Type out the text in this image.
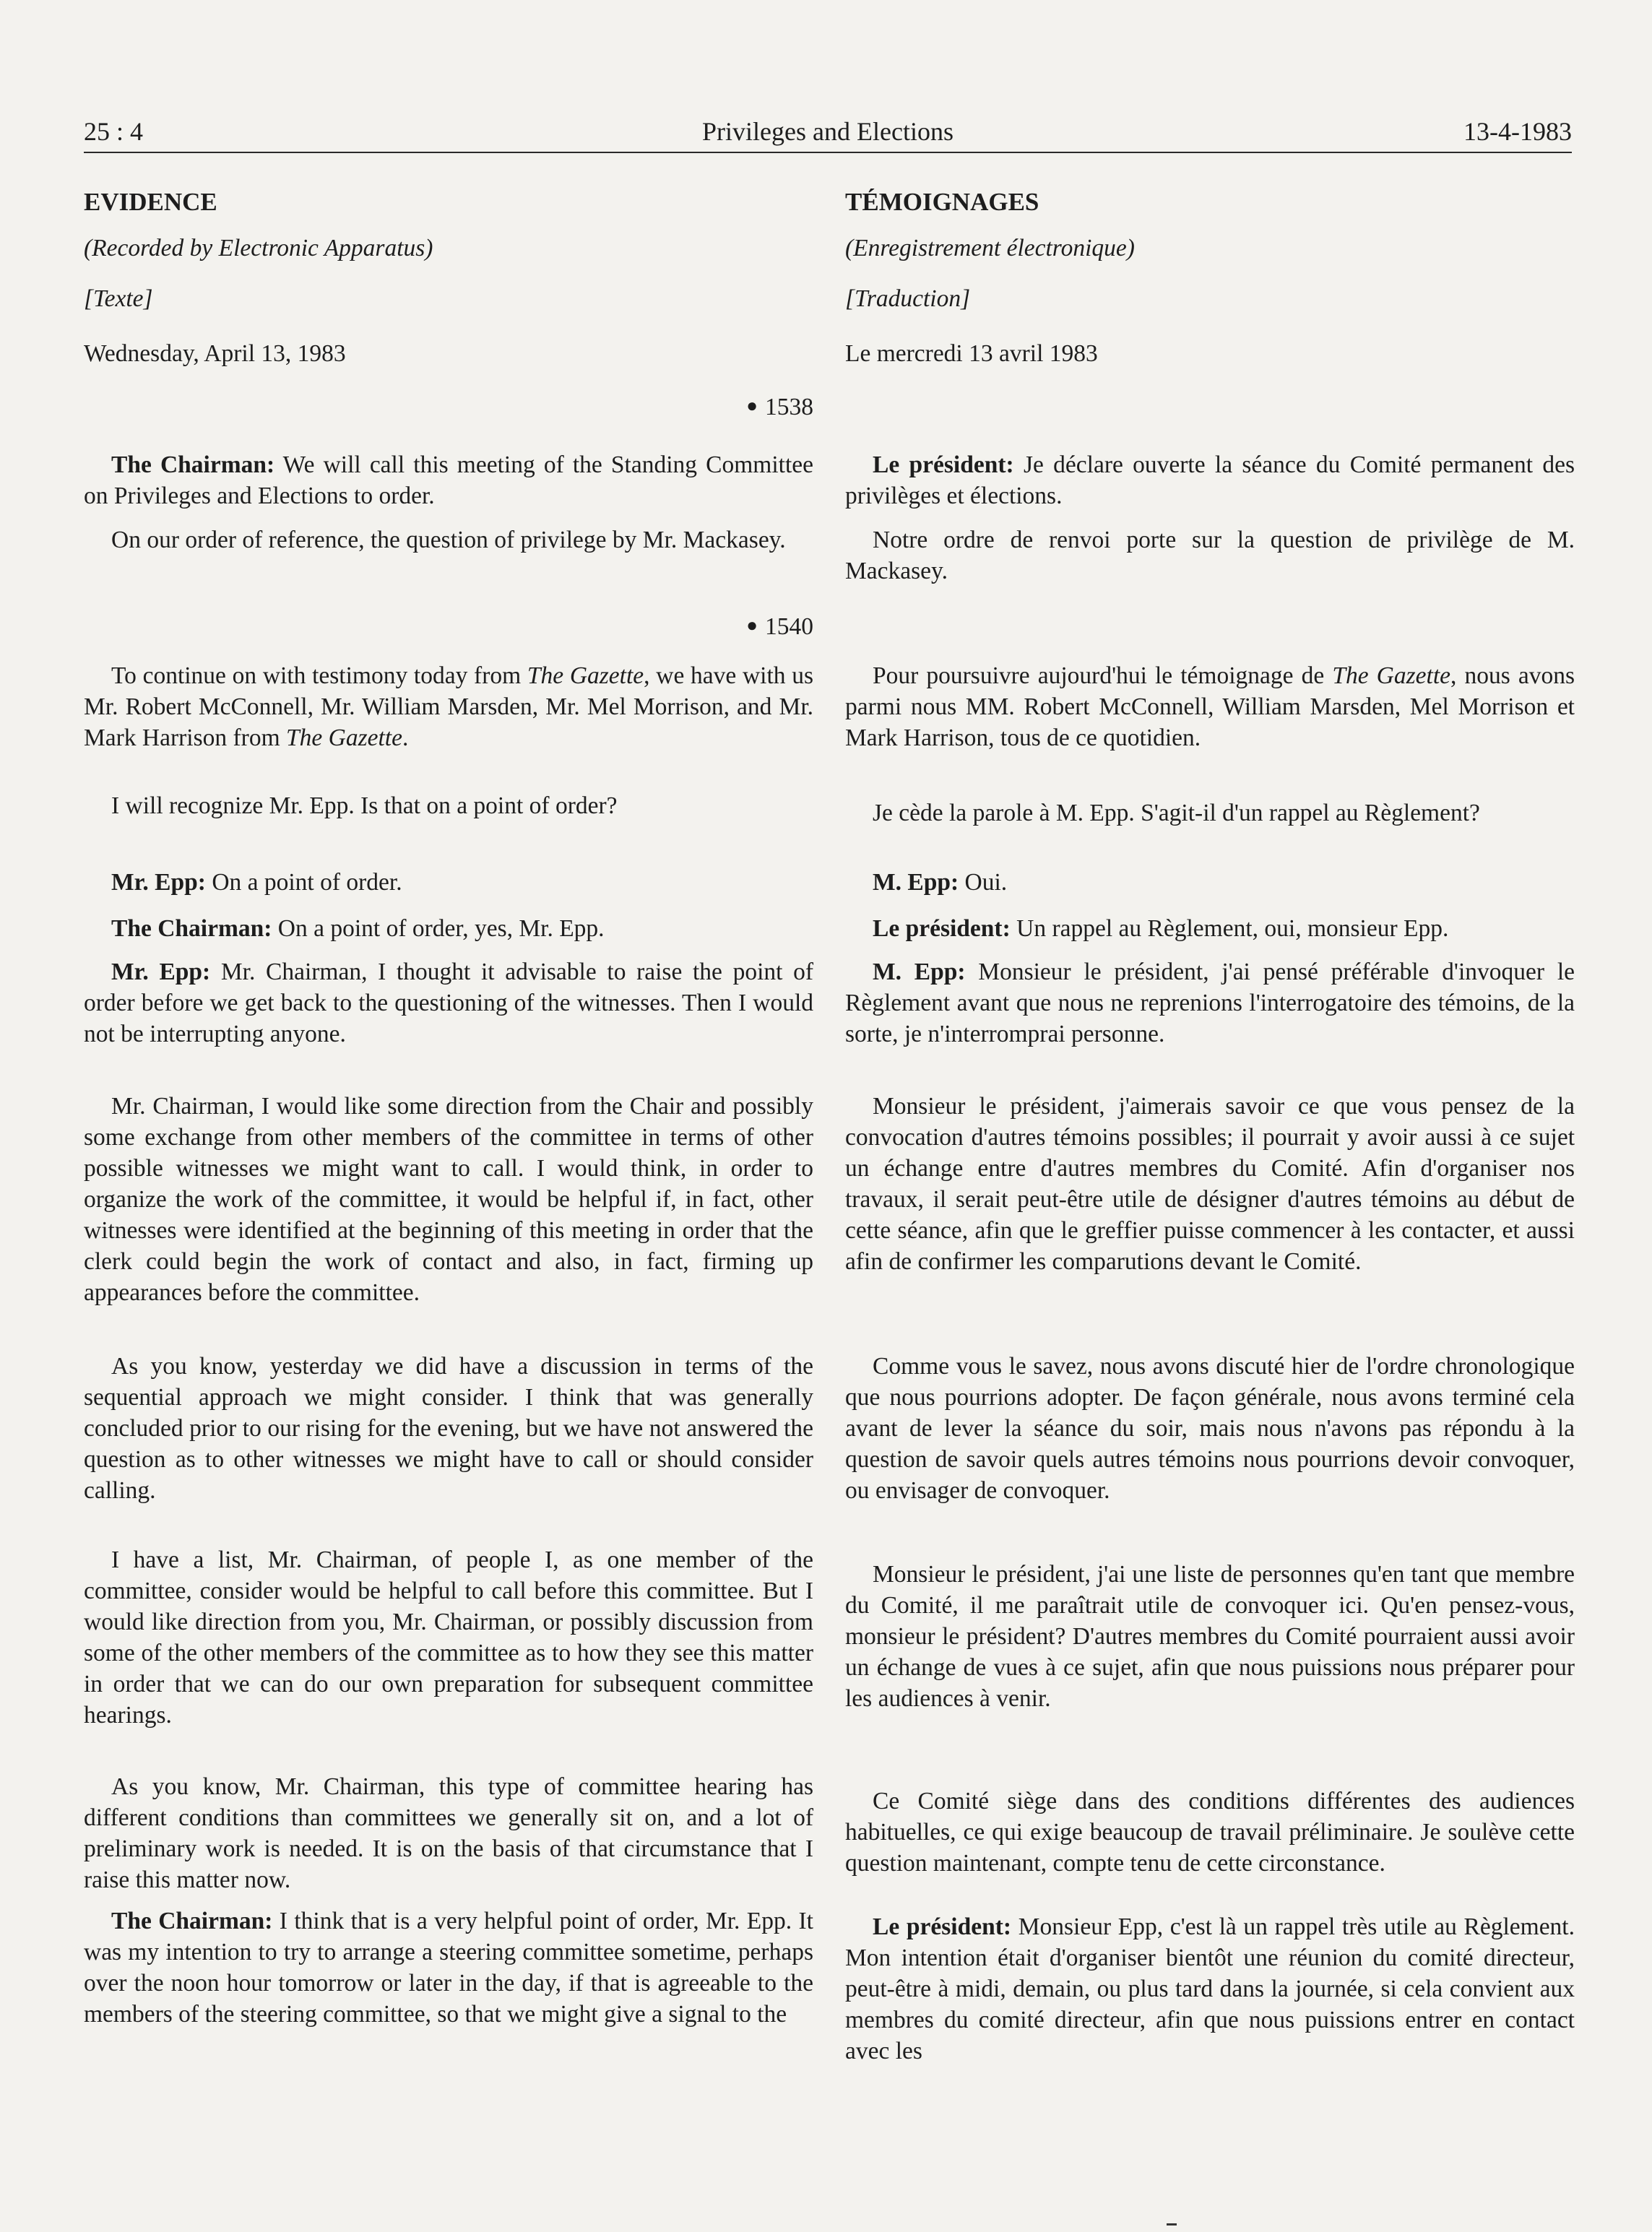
25 : 4	Privileges and Elections	13-4-1983

EVIDENCE

(Recorded by Electronic Apparatus)

[Texte]

Wednesday, April 13, 1983

● 1538

The Chairman: We will call this meeting of the Standing Committee on Privileges and Elections to order.

On our order of reference, the question of privilege by Mr. Mackasey.

● 1540

To continue on with testimony today from The Gazette, we have with us Mr. Robert McConnell, Mr. William Marsden, Mr. Mel Morrison, and Mr. Mark Harrison from The Gazette.

I will recognize Mr. Epp. Is that on a point of order?

Mr. Epp: On a point of order.

The Chairman: On a point of order, yes, Mr. Epp.

Mr. Epp: Mr. Chairman, I thought it advisable to raise the point of order before we get back to the questioning of the witnesses. Then I would not be interrupting anyone.

Mr. Chairman, I would like some direction from the Chair and possibly some exchange from other members of the committee in terms of other possible witnesses we might want to call. I would think, in order to organize the work of the committee, it would be helpful if, in fact, other witnesses were identified at the beginning of this meeting in order that the clerk could begin the work of contact and also, in fact, firming up appearances before the committee.

As you know, yesterday we did have a discussion in terms of the sequential approach we might consider. I think that was generally concluded prior to our rising for the evening, but we have not answered the question as to other witnesses we might have to call or should consider calling.

I have a list, Mr. Chairman, of people I, as one member of the committee, consider would be helpful to call before this committee. But I would like direction from you, Mr. Chairman, or possibly discussion from some of the other members of the committee as to how they see this matter in order that we can do our own preparation for subsequent committee hearings.

As you know, Mr. Chairman, this type of committee hearing has different conditions than committees we generally sit on, and a lot of preliminary work is needed. It is on the basis of that circumstance that I raise this matter now.

The Chairman: I think that is a very helpful point of order, Mr. Epp. It was my intention to try to arrange a steering committee sometime, perhaps over the noon hour tomorrow or later in the day, if that is agreeable to the members of the steering committee, so that we might give a signal to the

TÉMOIGNAGES

(Enregistrement électronique)

[Traduction]

Le mercredi 13 avril 1983

Le président: Je déclare ouverte la séance du Comité permanent des privilèges et élections.

Notre ordre de renvoi porte sur la question de privilège de M. Mackasey.

Pour poursuivre aujourd'hui le témoignage de The Gazette, nous avons parmi nous MM. Robert McConnell, William Marsden, Mel Morrison et Mark Harrison, tous de ce quotidien.

Je cède la parole à M. Epp. S'agit-il d'un rappel au Règlement?

M. Epp: Oui.

Le président: Un rappel au Règlement, oui, monsieur Epp.

M. Epp: Monsieur le président, j'ai pensé préférable d'invoquer le Règlement avant que nous ne reprenions l'interrogatoire des témoins, de la sorte, je n'interromprai personne.

Monsieur le président, j'aimerais savoir ce que vous pensez de la convocation d'autres témoins possibles; il pourrait y avoir aussi à ce sujet un échange entre d'autres membres du Comité. Afin d'organiser nos travaux, il serait peut-être utile de désigner d'autres témoins au début de cette séance, afin que le greffier puisse commencer à les contacter, et aussi afin de confirmer les comparutions devant le Comité.

Comme vous le savez, nous avons discuté hier de l'ordre chronologique que nous pourrions adopter. De façon générale, nous avons terminé cela avant de lever la séance du soir, mais nous n'avons pas répondu à la question de savoir quels autres témoins nous pourrions devoir convoquer, ou envisager de convoquer.

Monsieur le président, j'ai une liste de personnes qu'en tant que membre du Comité, il me paraîtrait utile de convoquer ici. Qu'en pensez-vous, monsieur le président? D'autres membres du Comité pourraient aussi avoir un échange de vues à ce sujet, afin que nous puissions nous préparer pour les audiences à venir.

Ce Comité siège dans des conditions différentes des audiences habituelles, ce qui exige beaucoup de travail préliminaire. Je soulève cette question maintenant, compte tenu de cette circonstance.

Le président: Monsieur Epp, c'est là un rappel très utile au Règlement. Mon intention était d'organiser bientôt une réunion du comité directeur, peut-être à midi, demain, ou plus tard dans la journée, si cela convient aux membres du comité directeur, afin que nous puissions entrer en contact avec les
